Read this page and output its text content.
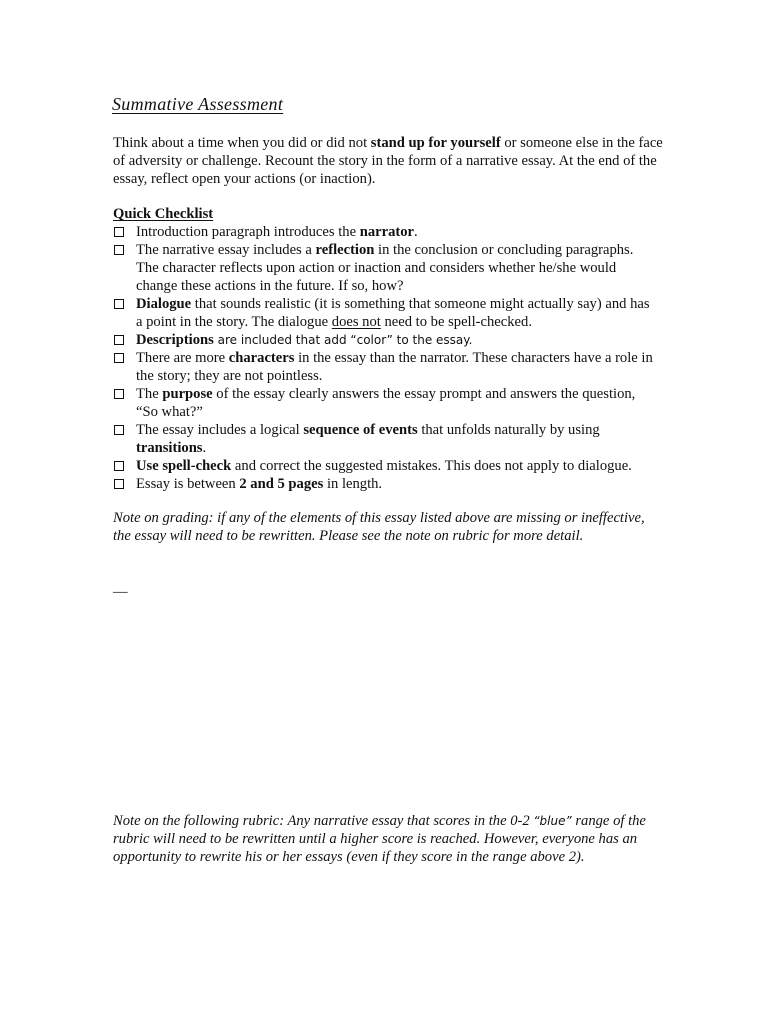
Summative Assessment

Think about a time when you did or did not stand up for yourself or someone else in the face of adversity or challenge. Recount the story in the form of a narrative essay. At the end of the essay, reflect open your actions (or inaction).

Quick Checklist
Introduction paragraph introduces the narrator.
The narrative essay includes a reflection in the conclusion or concluding paragraphs. The character reflects upon action or inaction and considers whether he/she would change these actions in the future. If so, how?
Dialogue that sounds realistic (it is something that someone might actually say) and has a point in the story. The dialogue does not need to be spell-checked.
Descriptions are included that add “color” to the essay.
There are more characters in the essay than the narrator. These characters have a role in the story; they are not pointless.
The purpose of the essay clearly answers the essay prompt and answers the question, “So what?”
The essay includes a logical sequence of events that unfolds naturally by using transitions.
Use spell-check and correct the suggested mistakes. This does not apply to dialogue.
Essay is between 2 and 5 pages in length.

Note on grading: if any of the elements of this essay listed above are missing or ineffective, the essay will need to be rewritten. Please see the note on rubric for more detail.

—

Note on the following rubric: Any narrative essay that scores in the 0-2 “blue” range of the rubric will need to be rewritten until a higher score is reached. However, everyone has an opportunity to rewrite his or her essays (even if they score in the range above 2).
